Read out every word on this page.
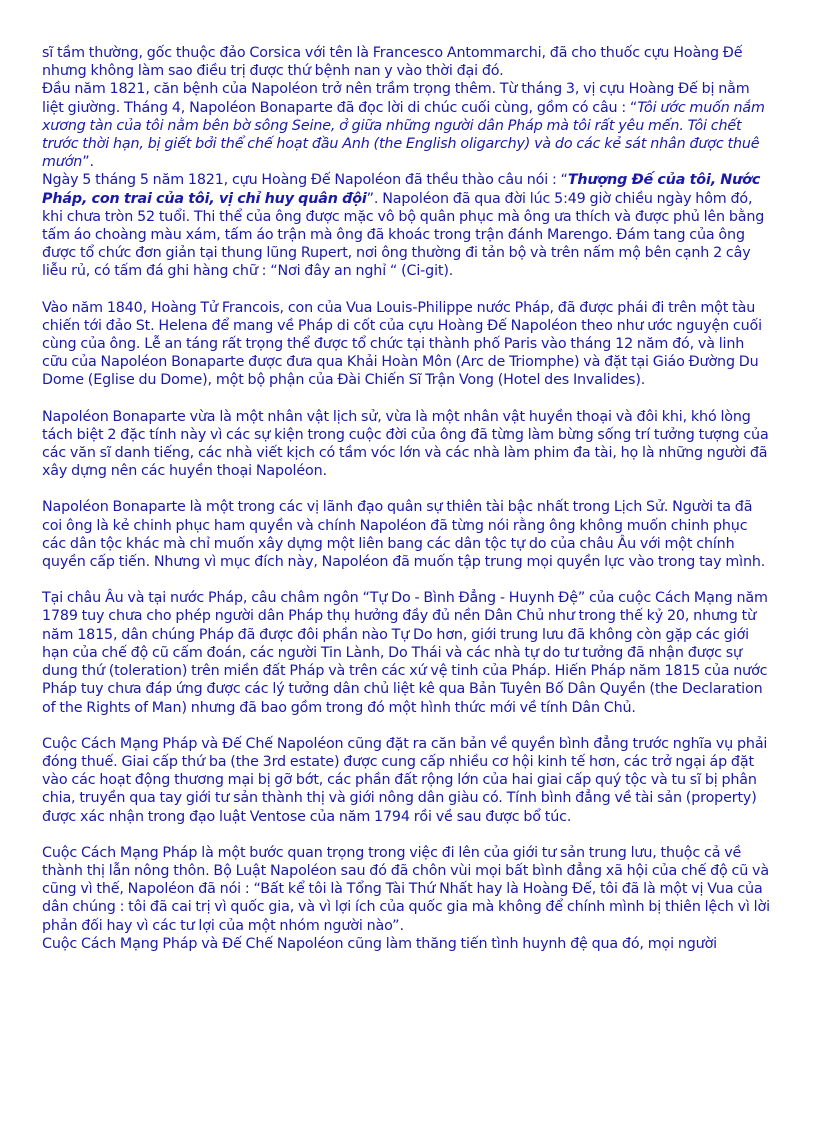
sĩ tầm thường, gốc thuộc đảo Corsica với tên là Francesco Antommarchi, đã cho thuốc cựu Hoàng Đế nhưng không làm sao điều trị được thứ bệnh nan y vào thời đại đó.

Đầu năm 1821, căn bệnh của Napoléon trở nên trầm trọng thêm. Từ tháng 3, vị cựu Hoàng Đế bị nằm liệt giường. Tháng 4, Napoléon Bonaparte đã đọc lời di chúc cuối cùng, gồm có câu : “Tôi ước muốn nắm xương tàn của tôi nằm bên bờ sông Seine, ở giữa những người dân Pháp mà tôi rất yêu mến. Tôi chết trước thời hạn, bị giết bởi thể chế hoạt đầu Anh (the English oligarchy) và do các kẻ sát nhân được thuê mướn”.

Ngày 5 tháng 5 năm 1821, cựu Hoàng Đế Napoléon đã thều thào câu nói : “Thượng Đế của tôi, Nước Pháp, con trai của tôi, vị chỉ huy quân đội”. Napoléon đã qua đời lúc 5:49 giờ chiều ngày hôm đó, khi chưa tròn 52 tuổi. Thi thể của ông được mặc vô bộ quân phục mà ông ưa thích và được phủ lên bằng tấm áo choàng màu xám, tấm áo trận mà ông đã khoác trong trận đánh Marengo. Đám tang của ông được tổ chức đơn giản tại thung lũng Rupert, nơi ông thường đi tản bộ và trên nấm mộ bên cạnh 2 cây liễu rủ, có tấm đá ghi hàng chữ : “Nơi đây an nghỉ “ (Ci-git).

Vào năm 1840, Hoàng Tử Francois, con của Vua Louis-Philippe nước Pháp, đã được phái đi trên một tàu chiến tới đảo St. Helena để mang về Pháp di cốt của cựu Hoàng Đế Napoléon theo như ước nguyện cuối cùng của ông. Lễ an táng rất trọng thể được tổ chức tại thành phố Paris vào tháng 12 năm đó, và linh cữu của Napoléon Bonaparte được đưa qua Khải Hoàn Môn (Arc de Triomphe) và đặt tại Giáo Đường Du Dome (Eglise du Dome), một bộ phận của Đài Chiến Sĩ Trận Vong (Hotel des Invalides).

Napoléon Bonaparte vừa là một nhân vật lịch sử, vừa là một nhân vật huyền thoại và đôi khi, khó lòng tách biệt 2 đặc tính này vì các sự kiện trong cuộc đời của ông đã từng làm bừng sống trí tưởng tượng của các văn sĩ danh tiếng, các nhà viết kịch có tầm vóc lớn và các nhà làm phim đa tài, họ là những người đã xây dựng nên các huyền thoại Napoléon.

Napoléon Bonaparte là một trong các vị lãnh đạo quân sự thiên tài bậc nhất trong Lịch Sử. Người ta đã coi ông là kẻ chinh phục ham quyền và chính Napoléon đã từng nói rằng ông không muốn chinh phục các dân tộc khác mà chỉ muốn xây dựng một liên bang các dân tộc tự do của châu Âu với một chính quyền cấp tiến. Nhưng vì mục đích này, Napoléon đã muốn tập trung mọi quyền lực vào trong tay mình.

Tại châu Âu và tại nước Pháp, câu châm ngôn “Tự Do - Bình Đẳng - Huynh Đệ” của cuộc Cách Mạng năm 1789 tuy chưa cho phép người dân Pháp thụ hưởng đầy đủ nền Dân Chủ như trong thế kỷ 20, nhưng từ năm 1815, dân chúng Pháp đã được đôi phần nào Tự Do hơn, giới trung lưu đã không còn gặp các giới hạn của chế độ cũ cấm đoán, các người Tin Lành, Do Thái và các nhà tự do tư tưởng đã nhận được sự dung thứ (toleration) trên miền đất Pháp và trên các xứ vệ tinh của Pháp. Hiến Pháp năm 1815 của nước Pháp tuy chưa đáp ứng được các lý tưởng dân chủ liệt kê qua Bản Tuyên Bố Dân Quyền (the Declaration of the Rights of Man) nhưng đã bao gồm trong đó một hình thức mới về tính Dân Chủ.

Cuộc Cách Mạng Pháp và Đế Chế Napoléon cũng đặt ra căn bản về quyền bình đẳng trước nghĩa vụ phải đóng thuế. Giai cấp thứ ba (the 3rd estate) được cung cấp nhiều cơ hội kinh tế hơn, các trở ngại áp đặt vào các hoạt động thương mại bị gỡ bớt, các phần đất rộng lớn của hai giai cấp quý tộc và tu sĩ bị phân chia, truyền qua tay giới tư sản thành thị và giới nông dân giàu có. Tính bình đẳng về tài sản (property) được xác nhận trong đạo luật Ventose của năm 1794 rồi về sau được bổ túc.

Cuộc Cách Mạng Pháp là một bước quan trọng trong việc đi lên của giới tư sản trung lưu, thuộc cả về thành thị lẫn nông thôn. Bộ Luật Napoléon sau đó đã chôn vùi mọi bất bình đẳng xã hội của chế độ cũ và cũng vì thế, Napoléon đã nói : “Bất kể tôi là Tổng Tài Thứ Nhất hay là Hoàng Đế, tôi đã là một vị Vua của dân chúng : tôi đã cai trị vì quốc gia, và vì lợi ích của quốc gia mà không để chính mình bị thiên lệch vì lời phản đối hay vì các tư lợi của một nhóm người nào”.

Cuộc Cách Mạng Pháp và Đế Chế Napoléon cũng làm thăng tiến tình huynh đệ qua đó, mọi người
